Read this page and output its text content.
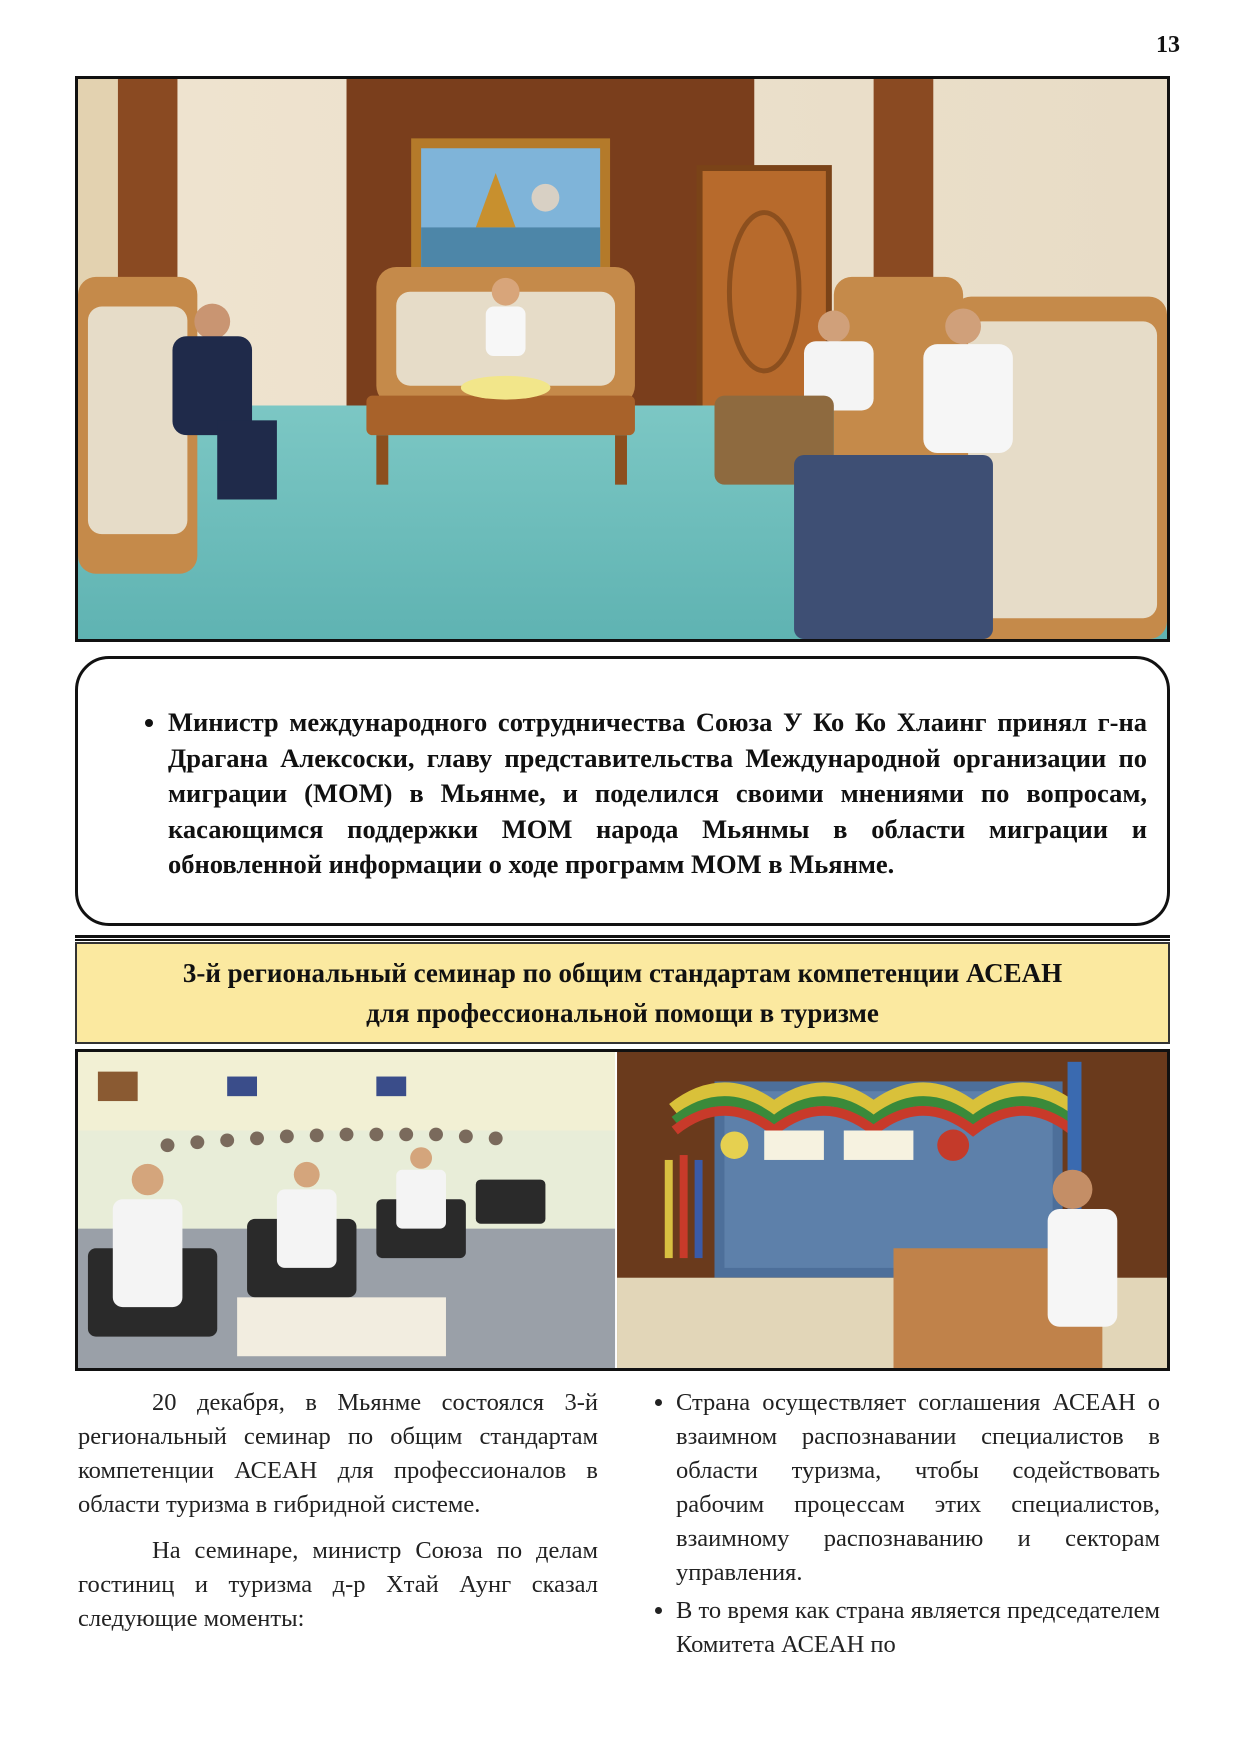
13
• Министр международного сотрудничества Союза У Ко Ко Хлаинг принял г-на Драгана Алексоски, главу представительства Международной организации по миграции (МОМ) в Мьянме, и поделился своими мнениями по вопросам, касающимся поддержки МОМ народа Мьянмы в области миграции и обновленной информации о ходе программ МОМ в Мьянме.
3-й региональный семинар по общим стандартам компетенции АСЕАН
для профессиональной помощи в туризме

20 декабря, в Мьянме состоялся 3-й региональный семинар по общим стандартам компетенции АСЕАН для профессионалов в области туризма в гибридной системе.

На семинаре, министр Союза по делам гостиниц и туризма д-р Хтай Аунг сказал следующие моменты:

• Страна осуществляет соглашения АСЕАН о взаимном распознавании специалистов в области туризма, чтобы содействовать рабочим процессам этих специалистов, взаимному распознаванию и секторам управления.
• В то время как страна является председателем Комитета АСЕАН по
